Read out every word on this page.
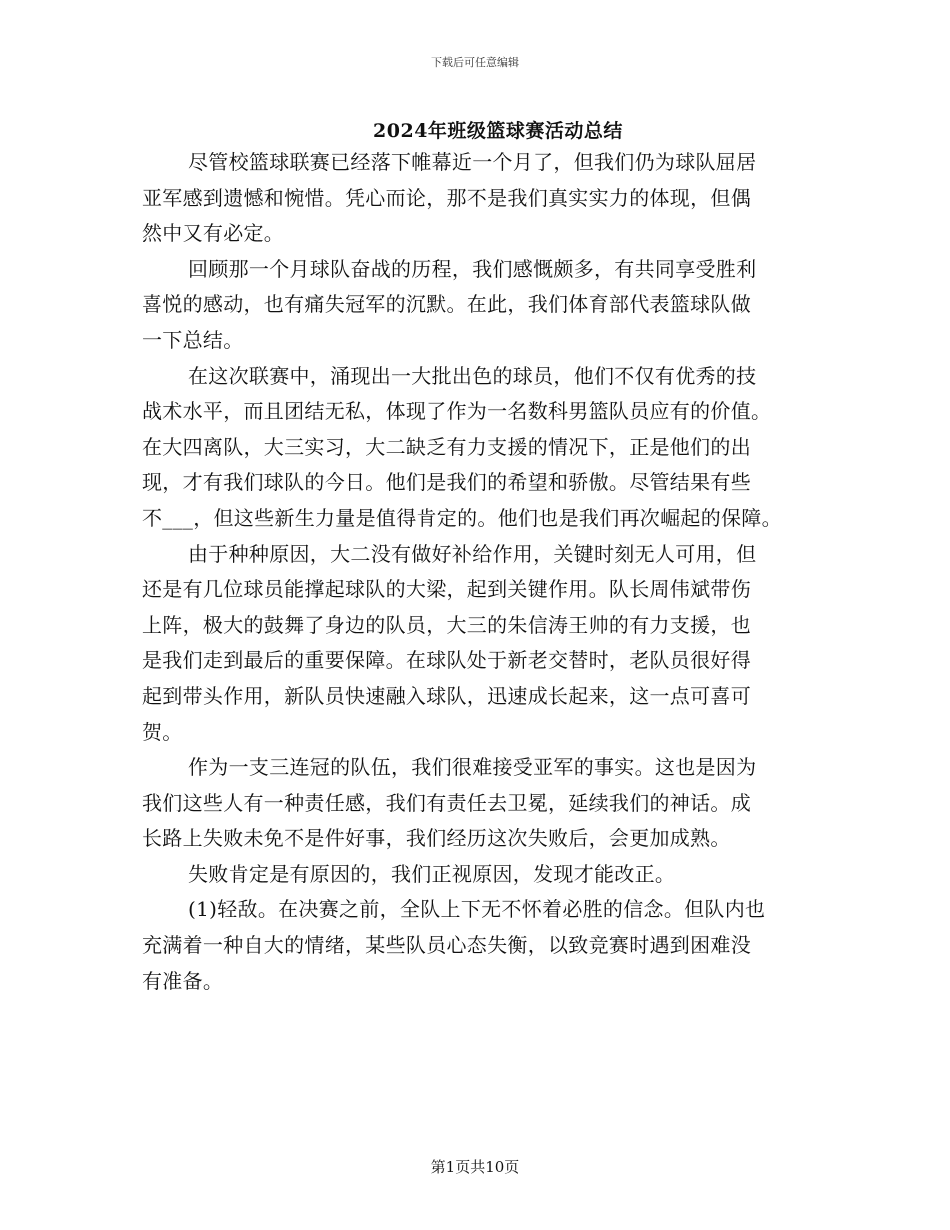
下载后可任意编辑
2024年班级篮球赛活动总结
尽管校篮球联赛已经落下帷幕近一个月了，但我们仍为球队屈居
亚军感到遗憾和惋惜。凭心而论，那不是我们真实实力的体现，但偶
然中又有必定。
回顾那一个月球队奋战的历程，我们感慨颇多，有共同享受胜利
喜悦的感动，也有痛失冠军的沉默。在此，我们体育部代表篮球队做
一下总结。
在这次联赛中，涌现出一大批出色的球员，他们不仅有优秀的技
战术水平，而且团结无私，体现了作为一名数科男篮队员应有的价值。
在大四离队，大三实习，大二缺乏有力支援的情况下，正是他们的出
现，才有我们球队的今日。他们是我们的希望和骄傲。尽管结果有些
不___，但这些新生力量是值得肯定的。他们也是我们再次崛起的保障。
由于种种原因，大二没有做好补给作用，关键时刻无人可用，但
还是有几位球员能撑起球队的大梁，起到关键作用。队长周伟斌带伤
上阵，极大的鼓舞了身边的队员，大三的朱信涛王帅的有力支援，也
是我们走到最后的重要保障。在球队处于新老交替时，老队员很好得
起到带头作用，新队员快速融入球队，迅速成长起来，这一点可喜可
贺。
作为一支三连冠的队伍，我们很难接受亚军的事实。这也是因为
我们这些人有一种责任感，我们有责任去卫冕，延续我们的神话。成
长路上失败未免不是件好事，我们经历这次失败后，会更加成熟。
失败肯定是有原因的，我们正视原因，发现才能改正。
(1)轻敌。在决赛之前，全队上下无不怀着必胜的信念。但队内也
充满着一种自大的情绪，某些队员心态失衡，以致竞赛时遇到困难没
有准备。
第1页共10页
